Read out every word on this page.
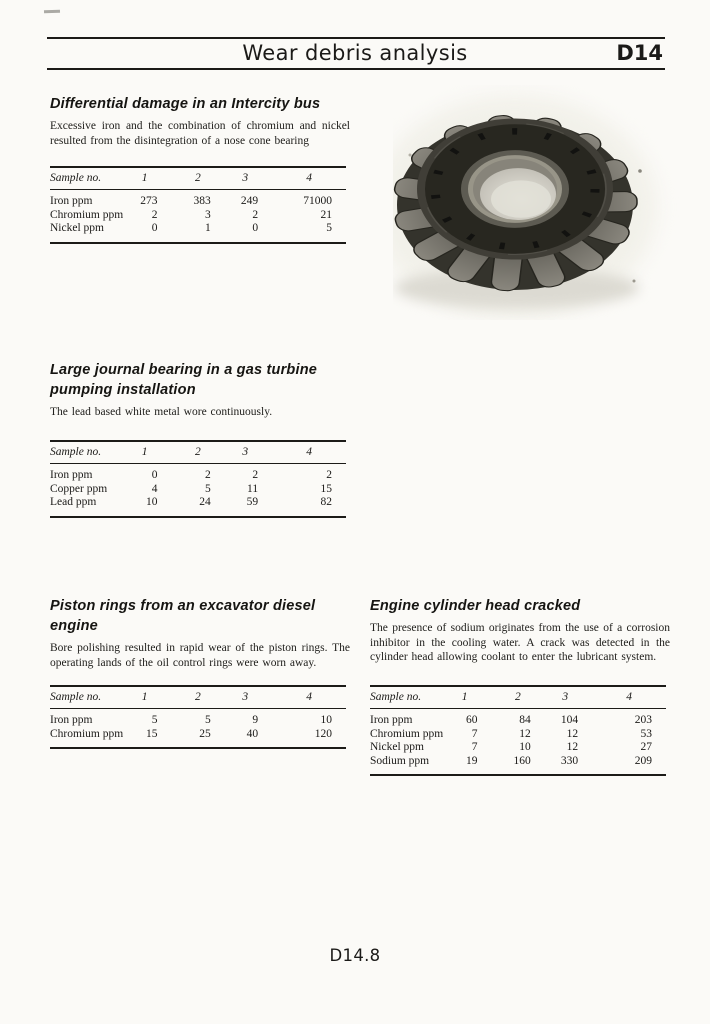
Wear debris analysis	D14
Differential damage in an Intercity bus

Excessive iron and the combination of chromium and nickel resulted from the disintegration of a nose cone bearing

Sample no.	1	2	3	4
Iron ppm	273	383	249	71000
Chromium ppm	2	3	2	21
Nickel ppm	0	1	0	5
Large journal bearing in a gas turbine pumping installation

The lead based white metal wore continuously.

Sample no.	1	2	3	4
Iron ppm	0	2	2	2
Copper ppm	4	5	11	15
Lead ppm	10	24	59	82
Piston rings from an excavator diesel engine

Bore polishing resulted in rapid wear of the piston rings. The operating lands of the oil control rings were worn away.

Sample no.	1	2	3	4
Iron ppm	5	5	9	10
Chromium ppm	15	25	40	120
Engine cylinder head cracked

The presence of sodium originates from the use of a corrosion inhibitor in the cooling water. A crack was detected in the cylinder head allowing coolant to enter the lubricant system.

Sample no.	1	2	3	4
Iron ppm	60	84	104	203
Chromium ppm	7	12	12	53
Nickel ppm	7	10	12	27
Sodium ppm	19	160	330	209
D14.8
